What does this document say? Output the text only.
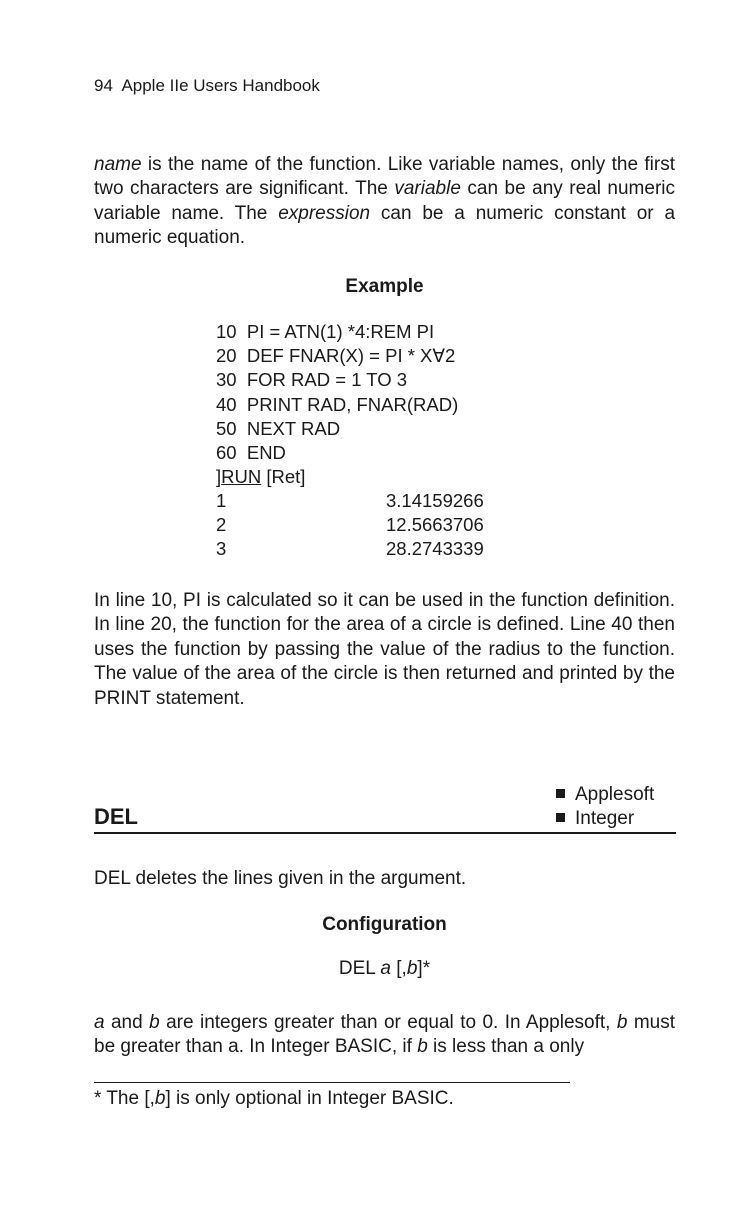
94 Apple IIe Users Handbook
name is the name of the function. Like variable names, only the first two characters are significant. The variable can be any real numeric variable name. The expression can be a numeric constant or a numeric equation.
Example
10  PI = ATN(1) *4:REM PI
20  DEF FNAR(X) = PI * X∀2
30  FOR RAD = 1 TO 3
40  PRINT RAD, FNAR(RAD)
50  NEXT RAD
60  END
]RUN [Ret]
1	3.14159266
2	12.5663706
3	28.2743339
In line 10, PI is calculated so it can be used in the function definition. In line 20, the function for the area of a circle is defined. Line 40 then uses the function by passing the value of the radius to the function. The value of the area of the circle is then returned and printed by the PRINT statement.
Applesoft
Integer
DEL
DEL deletes the lines given in the argument.
Configuration
DEL a [,b]*
a and b are integers greater than or equal to 0. In Applesoft, b must be greater than a. In Integer BASIC, if b is less than a only
* The [,b] is only optional in Integer BASIC.
